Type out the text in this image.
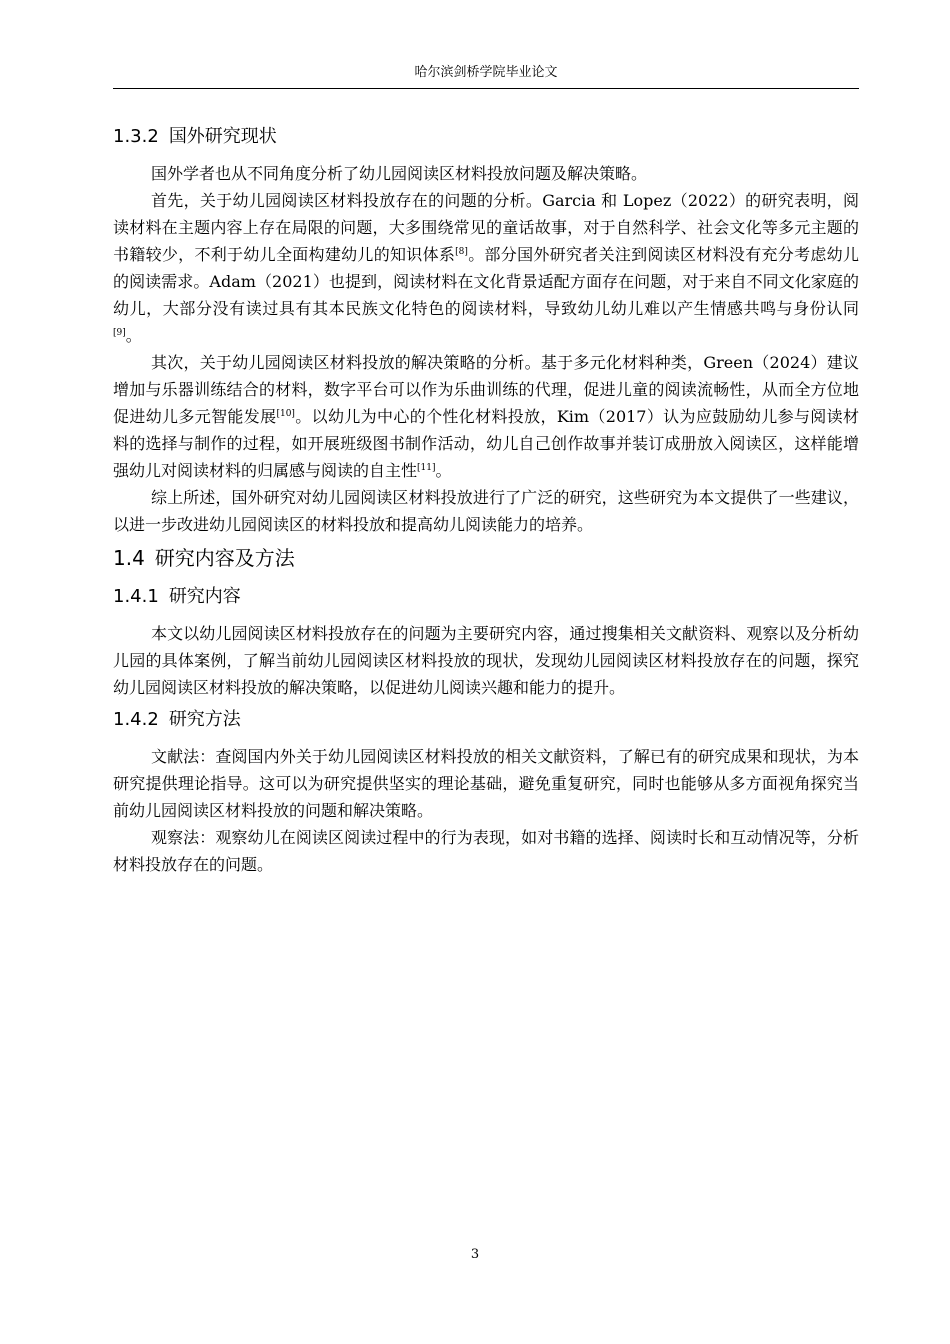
哈尔滨剑桥学院毕业论文
1.3.2 国外研究现状

国外学者也从不同角度分析了幼儿园阅读区材料投放问题及解决策略。

首先，关于幼儿园阅读区材料投放存在的问题的分析。Garcia 和 Lopez（2022）的研究表明，阅读材料在主题内容上存在局限的问题，大多围绕常见的童话故事，对于自然科学、社会文化等多元主题的书籍较少，不利于幼儿全面构建幼儿的知识体系[8]。部分国外研究者关注到阅读区材料没有充分考虑幼儿的阅读需求。Adam（2021）也提到，阅读材料在文化背景适配方面存在问题，对于来自不同文化家庭的幼儿，大部分没有读过具有其本民族文化特色的阅读材料，导致幼儿幼儿难以产生情感共鸣与身份认同[9]。

其次，关于幼儿园阅读区材料投放的解决策略的分析。基于多元化材料种类，Green（2024）建议增加与乐器训练结合的材料，数字平台可以作为乐曲训练的代理，促进儿童的阅读流畅性，从而全方位地促进幼儿多元智能发展[10]。以幼儿为中心的个性化材料投放，Kim（2017）认为应鼓励幼儿参与阅读材料的选择与制作的过程，如开展班级图书制作活动，幼儿自己创作故事并装订成册放入阅读区，这样能增强幼儿对阅读材料的归属感与阅读的自主性[11]。

综上所述，国外研究对幼儿园阅读区材料投放进行了广泛的研究，这些研究为本文提供了一些建议，以进一步改进幼儿园阅读区的材料投放和提高幼儿阅读能力的培养。

1.4 研究内容及方法
1.4.1 研究内容

本文以幼儿园阅读区材料投放存在的问题为主要研究内容，通过搜集相关文献资料、观察以及分析幼儿园的具体案例，了解当前幼儿园阅读区材料投放的现状，发现幼儿园阅读区材料投放存在的问题，探究幼儿园阅读区材料投放的解决策略，以促进幼儿阅读兴趣和能力的提升。

1.4.2 研究方法

文献法：查阅国内外关于幼儿园阅读区材料投放的相关文献资料，了解已有的研究成果和现状，为本研究提供理论指导。这可以为研究提供坚实的理论基础，避免重复研究，同时也能够从多方面视角探究当前幼儿园阅读区材料投放的问题和解决策略。

观察法：观察幼儿在阅读区阅读过程中的行为表现，如对书籍的选择、阅读时长和互动情况等，分析材料投放存在的问题。

3
